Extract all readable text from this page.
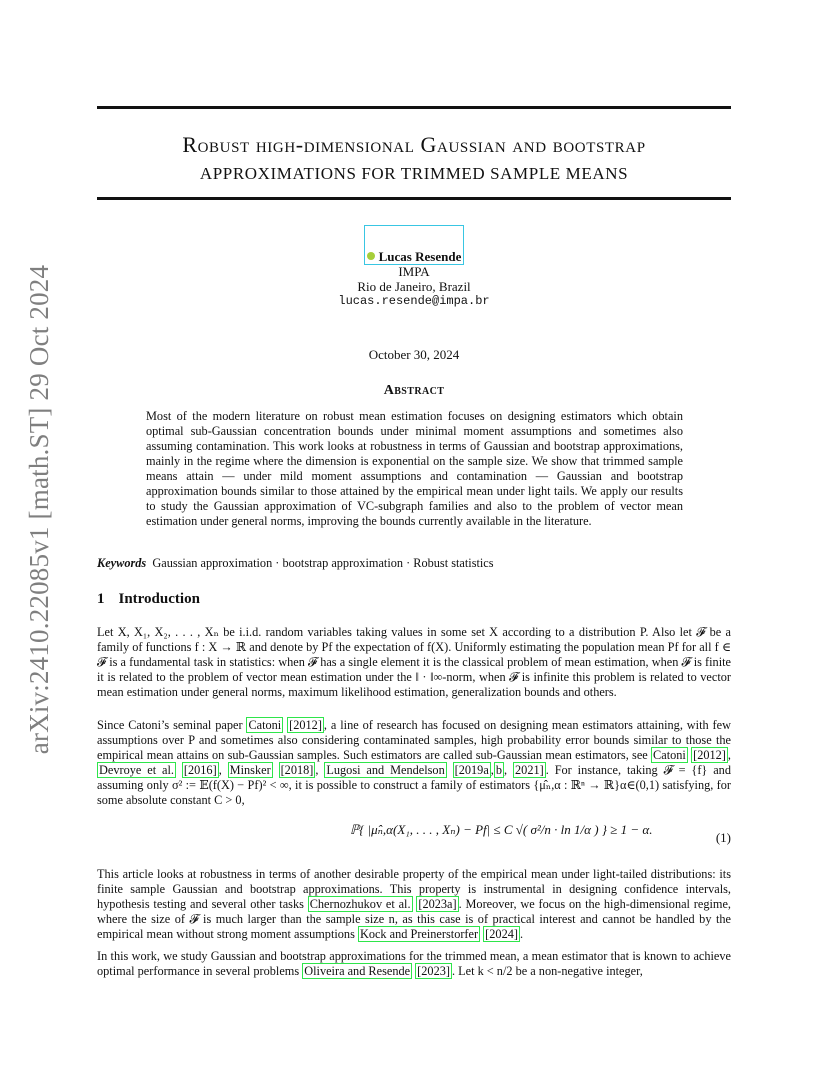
arXiv:2410.22085v1 [math.ST] 29 Oct 2024
Robust high-dimensional Gaussian and bootstrap
APPROXIMATIONS FOR TRIMMED SAMPLE MEANS
Lucas Resende
IMPA
Rio de Janeiro, Brazil
lucas.resende@impa.br
October 30, 2024
Abstract
Most of the modern literature on robust mean estimation focuses on designing estimators which obtain optimal sub-Gaussian concentration bounds under minimal moment assumptions and sometimes also assuming contamination. This work looks at robustness in terms of Gaussian and bootstrap approximations, mainly in the regime where the dimension is exponential on the sample size. We show that trimmed sample means attain — under mild moment assumptions and contamination — Gaussian and bootstrap approximation bounds similar to those attained by the empirical mean under light tails. We apply our results to study the Gaussian approximation of VC-subgraph families and also to the problem of vector mean estimation under general norms, improving the bounds currently available in the literature.
Keywords Gaussian approximation · bootstrap approximation · Robust statistics
1 Introduction
Let X, X₁, X₂, . . . , Xₙ be i.i.d. random variables taking values in some set X according to a distribution P. Also let 𝓕 be a family of functions f : X → ℝ and denote by Pf the expectation of f(X). Uniformly estimating the population mean Pf for all f ∈ 𝓕 is a fundamental task in statistics: when 𝓕 has a single element it is the classical problem of mean estimation, when 𝓕 is finite it is related to the problem of vector mean estimation under the ‖ · ‖∞-norm, when 𝓕 is infinite this problem is related to vector mean estimation under general norms, maximum likelihood estimation, generalization bounds and others.
Since Catoni’s seminal paper Catoni [2012] , a line of research has focused on designing mean estimators attaining, with few assumptions over P and sometimes also considering contaminated samples, high probability error bounds similar to those the empirical mean attains on sub-Gaussian samples. Such estimators are called sub-Gaussian mean estimators, see Catoni [2012] , Devroye et al. [2016] , Minsker [2018] , Lugosi and Mendelson [2019a , b , 2021] . For instance, taking 𝓕 = {f} and assuming only σ² := 𝔼(f(X) − Pf)² < ∞, it is possible to construct a family of estimators {μ̂ₙ,α : ℝⁿ → ℝ}α∈(0,1) satisfying, for some absolute constant C > 0,
ℙ{ |μ̂ₙ,α(X₁, . . . , Xₙ) − Pf| ≤ C √( σ²/n · ln 1/α ) } ≥ 1 − α.
(1)
This article looks at robustness in terms of another desirable property of the empirical mean under light-tailed distributions: its finite sample Gaussian and bootstrap approximations. This property is instrumental in designing confidence intervals, hypothesis testing and several other tasks Chernozhukov et al. [2023a] . Moreover, we focus on the high-dimensional regime, where the size of 𝓕 is much larger than the sample size n, as this case is of practical interest and cannot be handled by the empirical mean without strong moment assumptions Kock and Preinerstorfer [2024] .
In this work, we study Gaussian and bootstrap approximations for the trimmed mean, a mean estimator that is known to achieve optimal performance in several problems Oliveira and Resende [2023] . Let k < n/2 be a non-negative integer,
